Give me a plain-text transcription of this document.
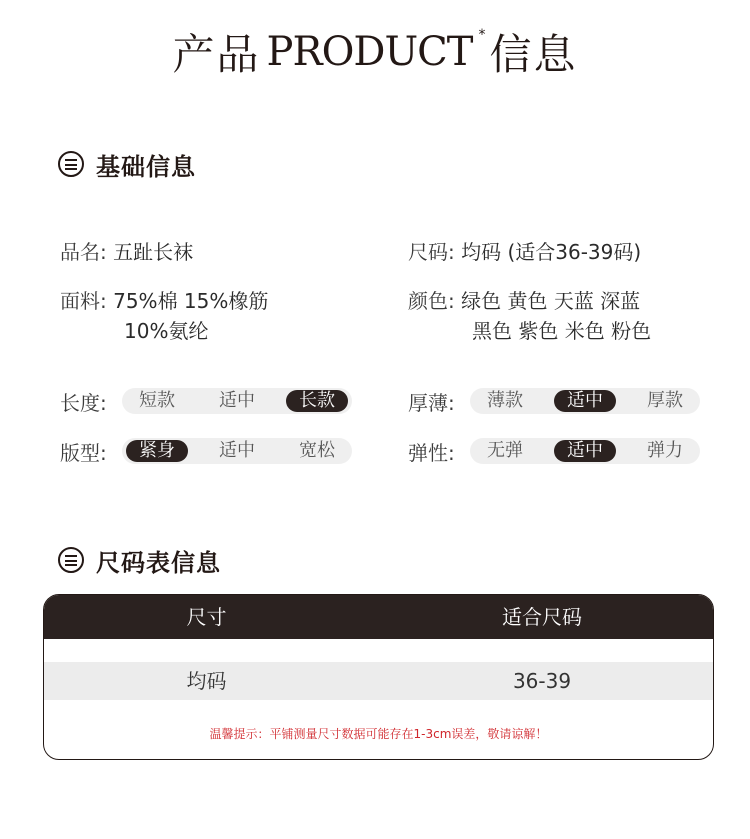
产品 PRODUCT *信息
基础信息
品名: 五趾长袜	尺码: 均码 (适合36-39码)
面料: 75%棉 15%橡筋
10%氨纶
颜色: 绿色 黄色 天蓝 深蓝
黑色 紫色 米色 粉色
长度:	短款	适中	长款	厚薄:	薄款	适中	厚款
版型:	紧身	适中	宽松	弹性:	无弹	适中	弹力
尺码表信息
尺寸	适合尺码
均码	36-39
温馨提示：平铺测量尺寸数据可能存在1-3cm误差，敬请谅解！
